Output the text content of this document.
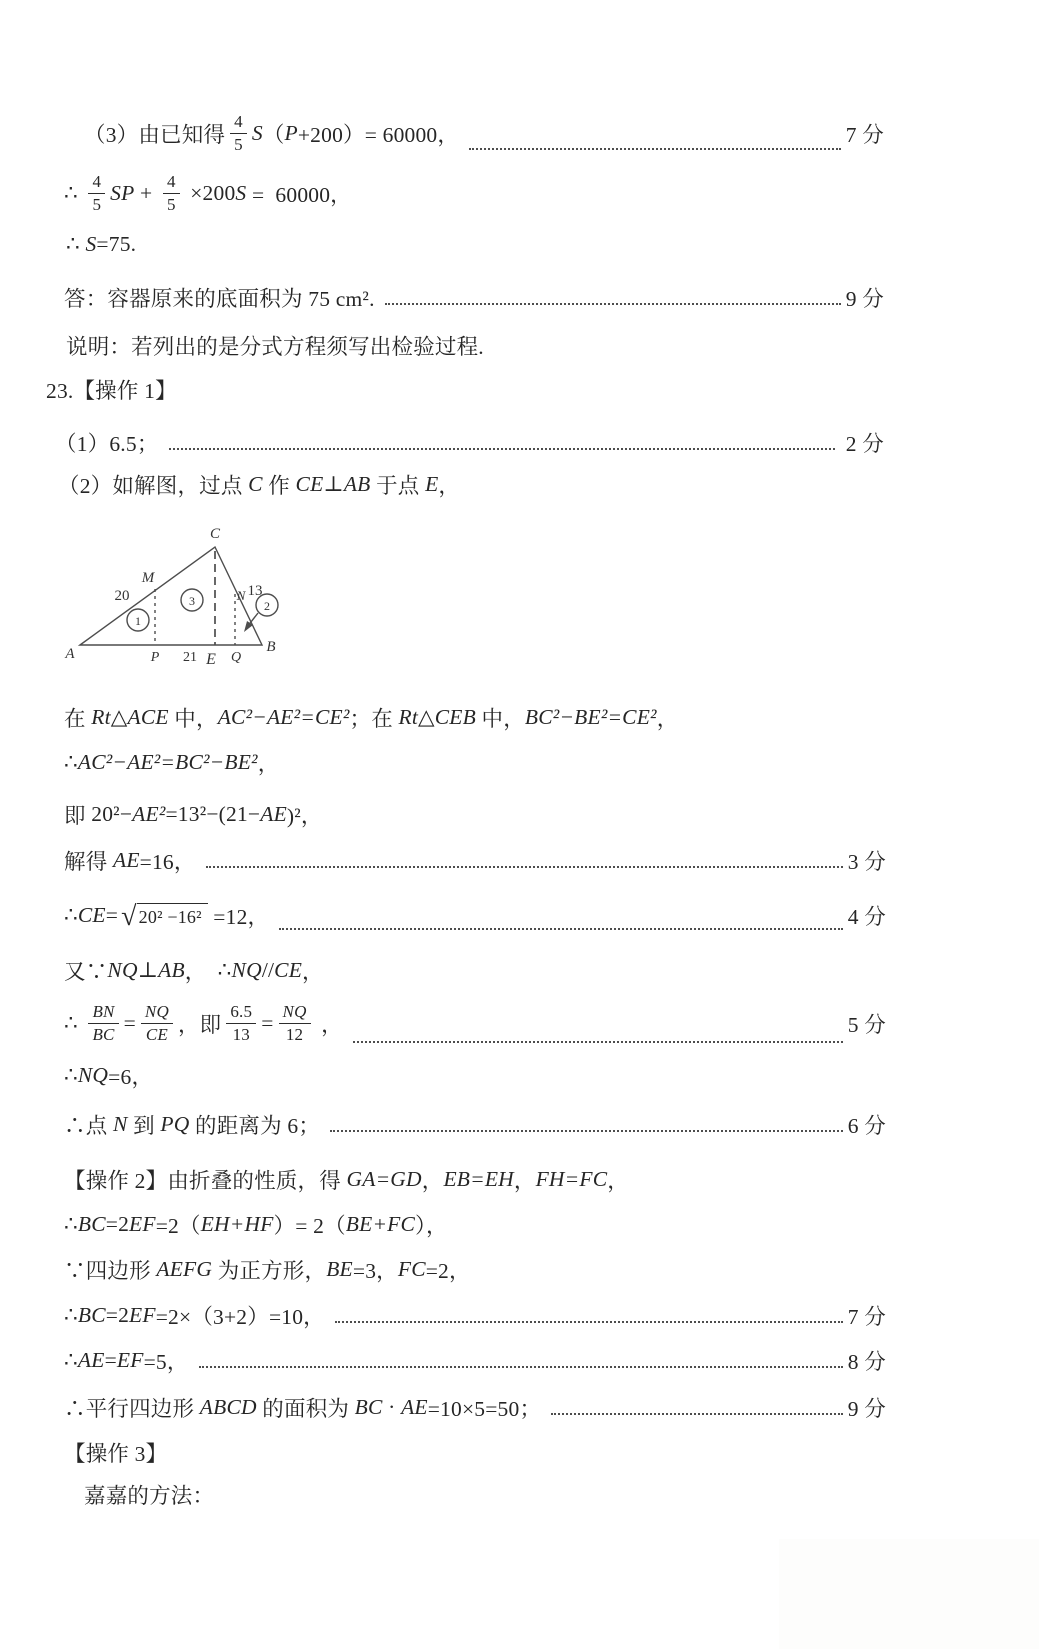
（3）由已知得 $\frac{4}{5}$ S （ P +200）= 60000，	7 分
∴ $\frac{4}{5}$ SP + $\frac{4}{5} \times 200$ S =  60000，
∴ S =75.
答：容器原来的底面积为 75 cm².	9 分
说明：若列出的是分式方程须写出检验过程.
23.【操作 1】
（1）6.5；	2 分
（2）如解图，过点 C 作 CE ⊥ AB 于点 E ，
C
A	B
M
N
20	13
P 21 E Q
1
3	2
在 Rt△ACE 中， AC²−AE²=CE² ；在 Rt△CEB 中， BC²−BE²=CE² ，
∴ AC²−AE²=BC²−BE² ，
即 20²− AE² =13²−(21− AE )²，
解得 AE =16，	3 分
∴ CE = √ 20² −16² =12，	4 分
又∵ NQ ⊥ AB ， ∴ NQ // CE ，
∴ $\frac{BN}{BC} = \frac{NQ}{CE}$ ，即 $\frac{6.5}{13} = \frac{NQ}{12}$ ，	5 分
∴ NQ =6，
∴点 N 到 PQ 的距离为 6；	6 分
【操作 2】由折叠的性质，得 GA=GD ， EB=EH ， FH=FC ，
∴ BC =2 EF =2（ EH+HF ）= 2（ BE+FC ），
∵四边形 AEFG 为正方形， BE =3， FC =2，
∴ BC =2 EF =2×（3+2）=10，	7 分
∴ AE = EF =5，	8 分
∴平行四边形 ABCD 的面积为 BC · AE =10×5=50；	9 分
【操作 3】
嘉嘉的方法：
